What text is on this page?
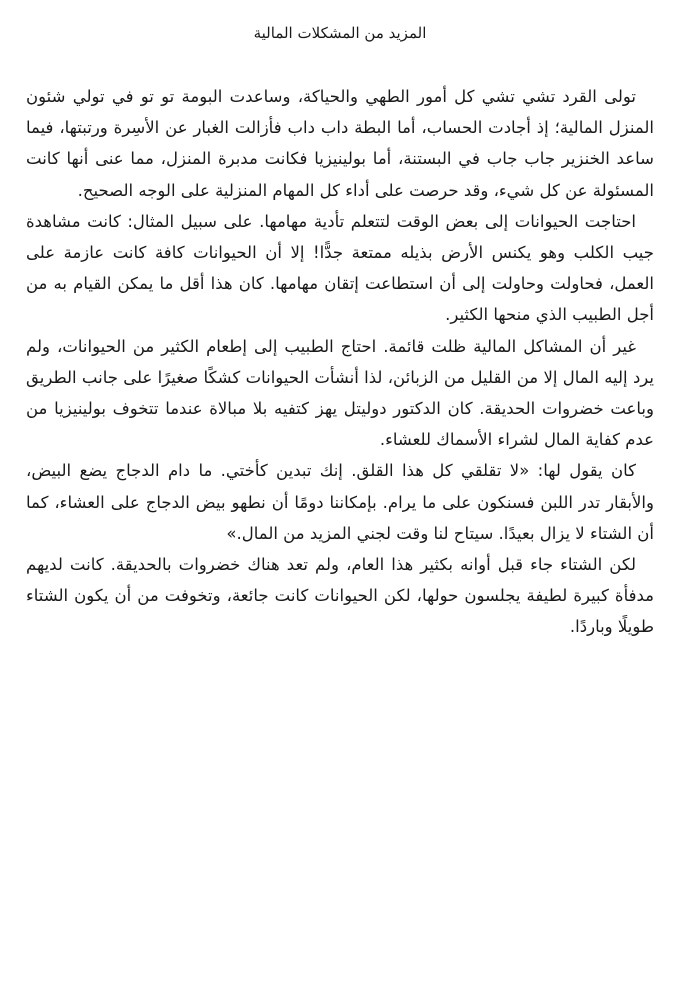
المزيد من المشكلات المالية

تولى القرد تشي تشي كل أمور الطهي والحياكة، وساعدت البومة تو تو في تولي شئون المنزل المالية؛ إذ أجادت الحساب، أما البطة داب داب فأزالت الغبار عن الأسِرة ورتبتها، فيما ساعد الخنزير جاب جاب في البستنة، أما بولينيزيا فكانت مدبرة المنزل، مما عنى أنها كانت المسئولة عن كل شيء، وقد حرصت على أداء كل المهام المنزلية على الوجه الصحيح.

احتاجت الحيوانات إلى بعض الوقت لتتعلم تأدية مهامها. على سبيل المثال: كانت مشاهدة جيب الكلب وهو يكنس الأرض بذيله ممتعة جدًّا! إلا أن الحيوانات كافة كانت عازمة على العمل، فحاولت وحاولت إلى أن استطاعت إتقان مهامها. كان هذا أقل ما يمكن القيام به من أجل الطبيب الذي منحها الكثير.

غير أن المشاكل المالية ظلت قائمة. احتاج الطبيب إلى إطعام الكثير من الحيوانات، ولم يرد إليه المال إلا من القليل من الزبائن، لذا أنشأت الحيوانات كشكًا صغيرًا على جانب الطريق وباعت خضروات الحديقة. كان الدكتور دوليتل يهز كتفيه بلا مبالاة عندما تتخوف بولينيزيا من عدم كفاية المال لشراء الأسماك للعشاء.

كان يقول لها: «لا تقلقي كل هذا القلق. إنك تبدين كأختي. ما دام الدجاج يضع البيض، والأبقار تدر اللبن فسنكون على ما يرام. بإمكاننا دومًا أن نطهو بيض الدجاج على العشاء، كما أن الشتاء لا يزال بعيدًا. سيتاح لنا وقت لجني المزيد من المال.»

لكن الشتاء جاء قبل أوانه بكثير هذا العام، ولم تعد هناك خضروات بالحديقة. كانت لديهم مدفأة كبيرة لطيفة يجلسون حولها، لكن الحيوانات كانت جائعة، وتخوفت من أن يكون الشتاء طويلًا وباردًا.
